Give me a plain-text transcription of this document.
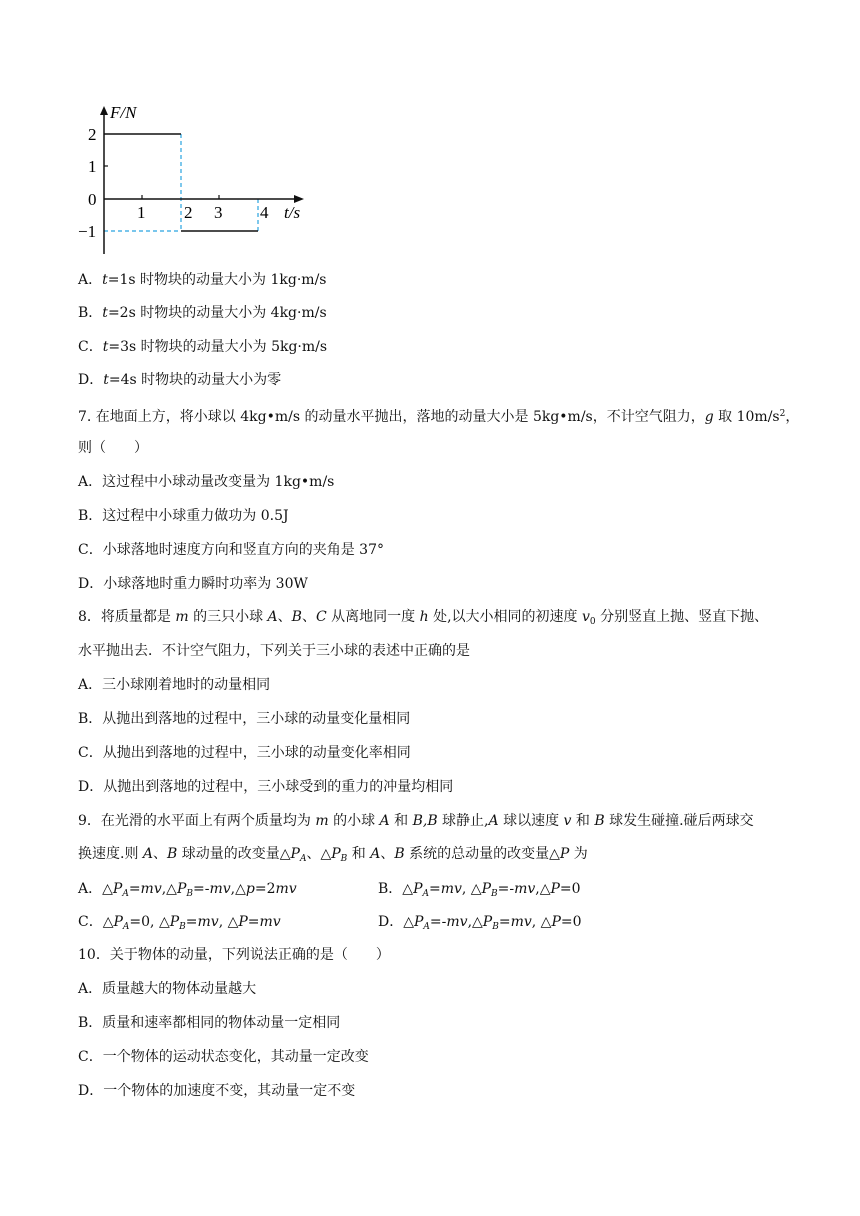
F/N
t/s
2
1
0
−1
1 2 3 4
A．t=1s 时物块的动量大小为 1kg·m/s
B．t=2s 时物块的动量大小为 4kg·m/s
C．t=3s 时物块的动量大小为 5kg·m/s
D．t=4s 时物块的动量大小为零
7. 在地面上方，将小球以 4kg•m/s 的动量水平抛出，落地的动量大小是 5kg•m/s，不计空气阻力，g 取 $10m/s^2$，
则（　　）
A．这过程中小球动量改变量为 1kg•m/s
B．这过程中小球重力做功为 0.5J
C．小球落地时速度方向和竖直方向的夹角是 37°
D．小球落地时重力瞬时功率为 30W
8．将质量都是 m 的三只小球 A、B、C 从离地同一度 h 处,以大小相同的初速度 $v_0$ 分别竖直上抛、竖直下抛、
水平抛出去．不计空气阻力，下列关于三小球的表述中正确的是
A．三小球刚着地时的动量相同
B．从抛出到落地的过程中，三小球的动量变化量相同
C．从抛出到落地的过程中，三小球的动量变化率相同
D．从抛出到落地的过程中，三小球受到的重力的冲量均相同
9．在光滑的水平面上有两个质量均为 m 的小球 A 和 B,B 球静止,A 球以速度 v 和 B 球发生碰撞.碰后两球交
换速度.则 A、B 球动量的改变量$\triangle P_A$、$\triangle P_B$ 和 A、B 系统的总动量的改变量△P 为
A．$\triangle P_A=mv,\triangle P_B=-mv,\triangle p=2mv$	B．$\triangle P_A=mv$, $\triangle P_B=-mv,\triangle P=0$
C．$\triangle P_A=0$, $\triangle P_B=mv$, △P=mv	D．$\triangle P_A=-mv,\triangle P_B=mv$, △P=0
10．关于物体的动量，下列说法正确的是（　　）
A．质量越大的物体动量越大
B．质量和速率都相同的物体动量一定相同
C．一个物体的运动状态变化，其动量一定改变
D．一个物体的加速度不变，其动量一定不变
